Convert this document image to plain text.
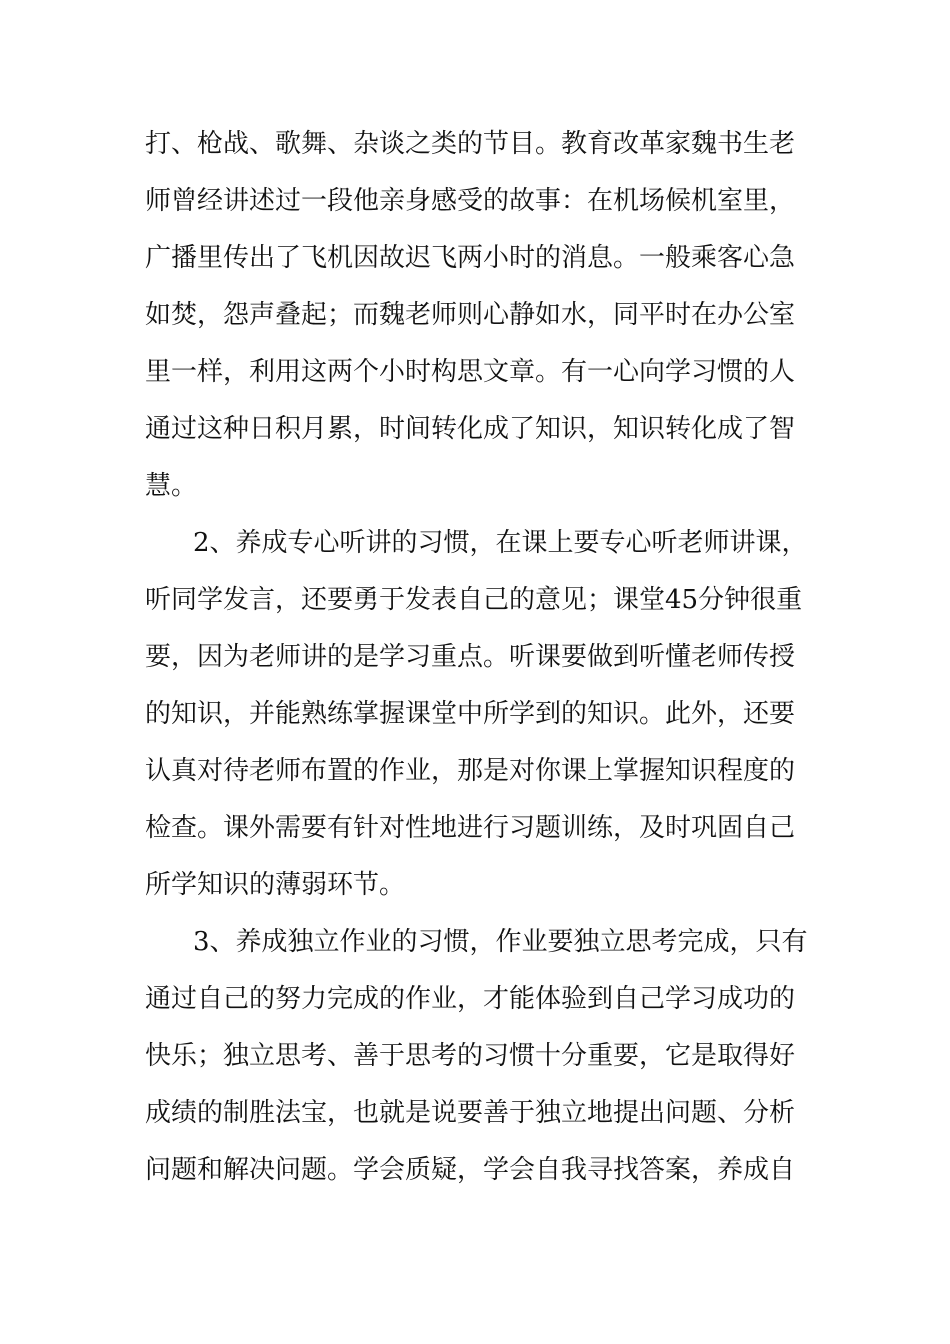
打、枪战、歌舞、杂谈之类的节目。教育改革家魏书生老
师曾经讲述过一段他亲身感受的故事：在机场候机室里，
广播里传出了飞机因故迟飞两小时的消息。一般乘客心急
如焚，怨声叠起；而魏老师则心静如水，同平时在办公室
里一样，利用这两个小时构思文章。有一心向学习惯的人
通过这种日积月累，时间转化成了知识，知识转化成了智
慧。
2、养成专心听讲的习惯，在课上要专心听老师讲课，
听同学发言，还要勇于发表自己的意见；课堂45分钟很重
要，因为老师讲的是学习重点。听课要做到听懂老师传授
的知识，并能熟练掌握课堂中所学到的知识。此外，还要
认真对待老师布置的作业，那是对你课上掌握知识程度的
检查。课外需要有针对性地进行习题训练，及时巩固自己
所学知识的薄弱环节。
3、养成独立作业的习惯，作业要独立思考完成，只有
通过自己的努力完成的作业，才能体验到自己学习成功的
快乐；独立思考、善于思考的习惯十分重要，它是取得好
成绩的制胜法宝，也就是说要善于独立地提出问题、分析
问题和解决问题。学会质疑，学会自我寻找答案，养成自
